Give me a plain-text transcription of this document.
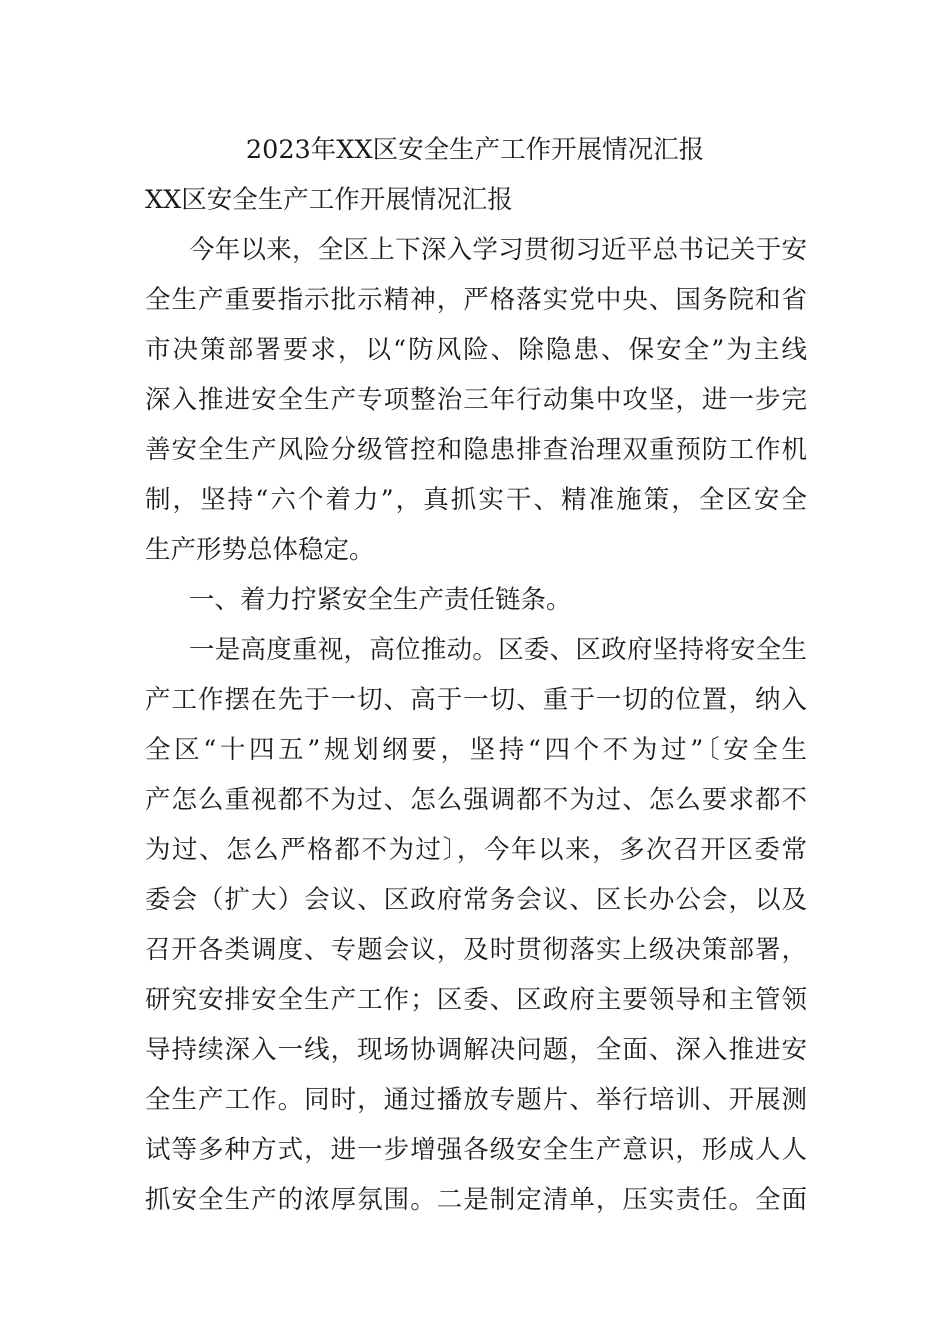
2023年XX区安全生产工作开展情况汇报
XX区安全生产工作开展情况汇报
今年以来，全区上下深入学习贯彻习近平总书记关于安
全生产重要指示批示精神，严格落实党中央、国务院和省
市决策部署要求，以“防风险、除隐患、保安全”为主线
深入推进安全生产专项整治三年行动集中攻坚，进一步完
善安全生产风险分级管控和隐患排查治理双重预防工作机
制，坚持“六个着力”，真抓实干、精准施策，全区安全
生产形势总体稳定。
一、着力拧紧安全生产责任链条。
一是高度重视，高位推动。区委、区政府坚持将安全生
产工作摆在先于一切、高于一切、重于一切的位置，纳入
全区“十四五”规划纲要，坚持“四个不为过”〔安全生
产怎么重视都不为过、怎么强调都不为过、怎么要求都不
为过、怎么严格都不为过〕，今年以来，多次召开区委常
委会（扩大）会议、区政府常务会议、区长办公会，以及
召开各类调度、专题会议，及时贯彻落实上级决策部署，
研究安排安全生产工作；区委、区政府主要领导和主管领
导持续深入一线，现场协调解决问题，全面、深入推进安
全生产工作。同时，通过播放专题片、举行培训、开展测
试等多种方式，进一步增强各级安全生产意识，形成人人
抓安全生产的浓厚氛围。二是制定清单，压实责任。全面
